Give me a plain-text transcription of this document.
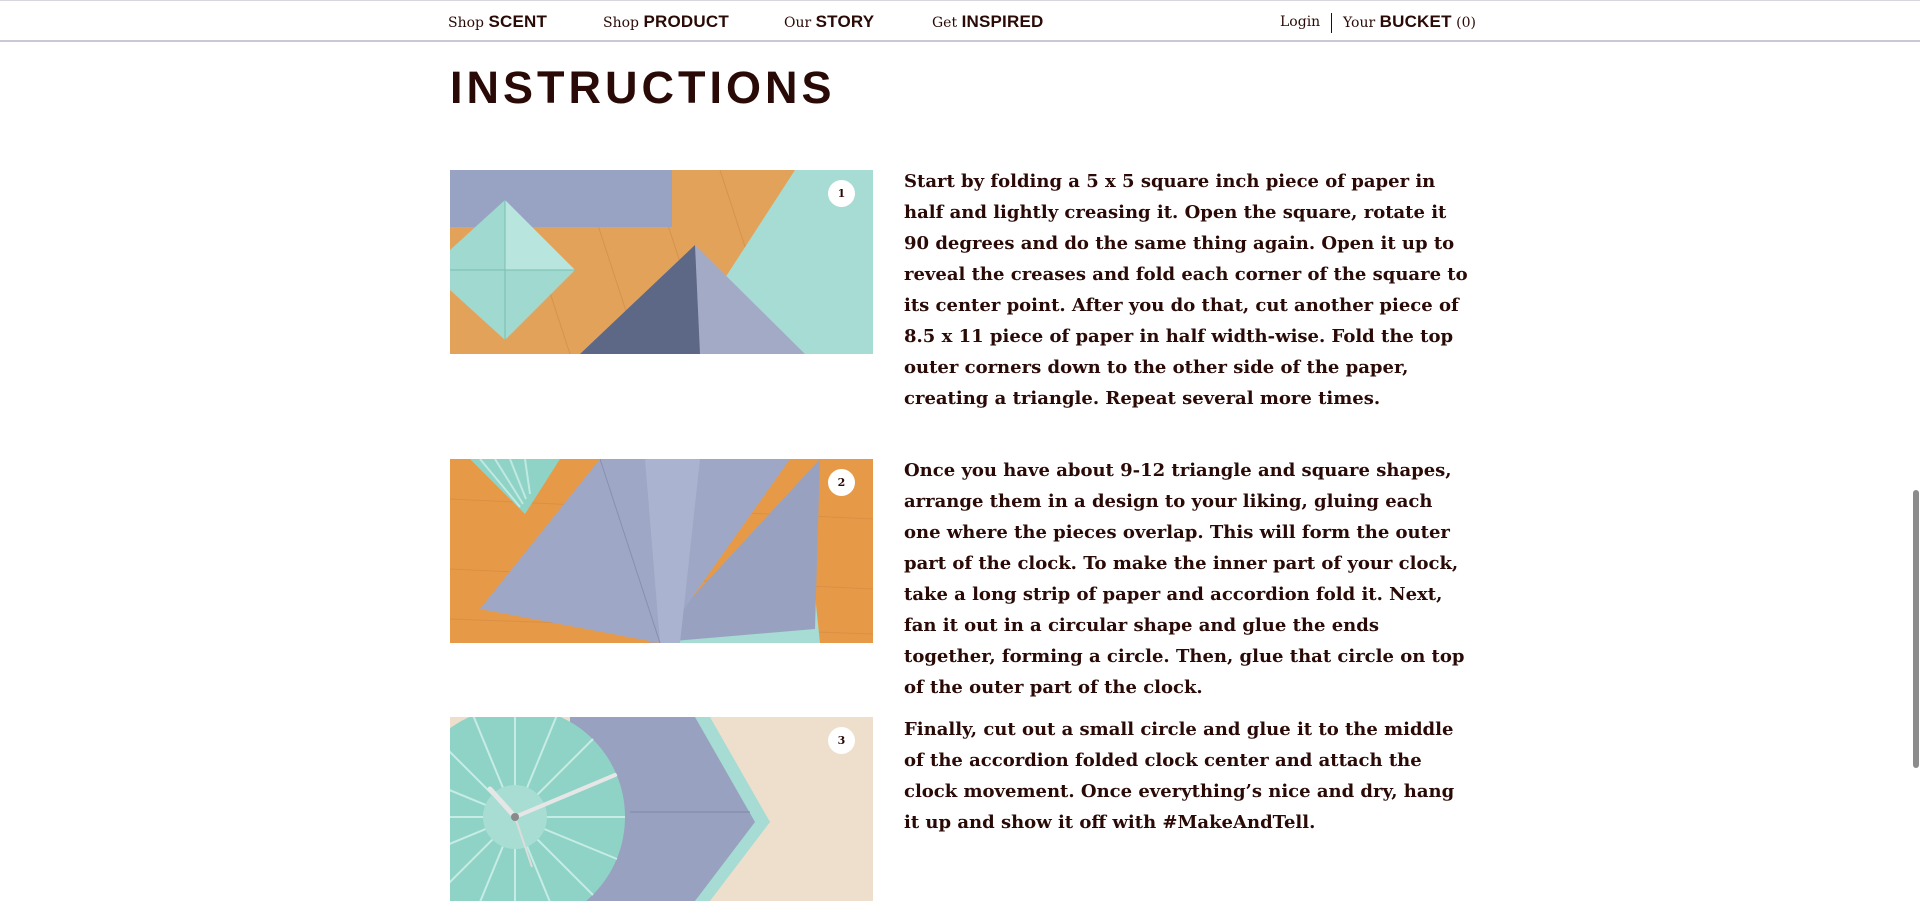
Shop SCENT	Shop PRODUCT	Our STORY	Get INSPIRED	Login Your BUCKET (0)
INSTRUCTIONS
1

Start by folding a 5 x 5 square inch piece of paper in half and lightly creasing it. Open the square, rotate it 90 degrees and do the same thing again. Open it up to reveal the creases and fold each corner of the square to its center point. After you do that, cut another piece of 8.5 x 11 piece of paper in half width-wise. Fold the top outer corners down to the other side of the paper, creating a triangle. Repeat several more times.

2

Once you have about 9-12 triangle and square shapes, arrange them in a design to your liking, gluing each one where the pieces overlap. This will form the outer part of the clock. To make the inner part of your clock, take a long strip of paper and accordion fold it. Next, fan it out in a circular shape and glue the ends together, forming a circle. Then, glue that circle on top of the outer part of the clock.

3

Finally, cut out a small circle and glue it to the middle of the accordion folded clock center and attach the clock movement. Once everything’s nice and dry, hang it up and show it off with #MakeAndTell.
